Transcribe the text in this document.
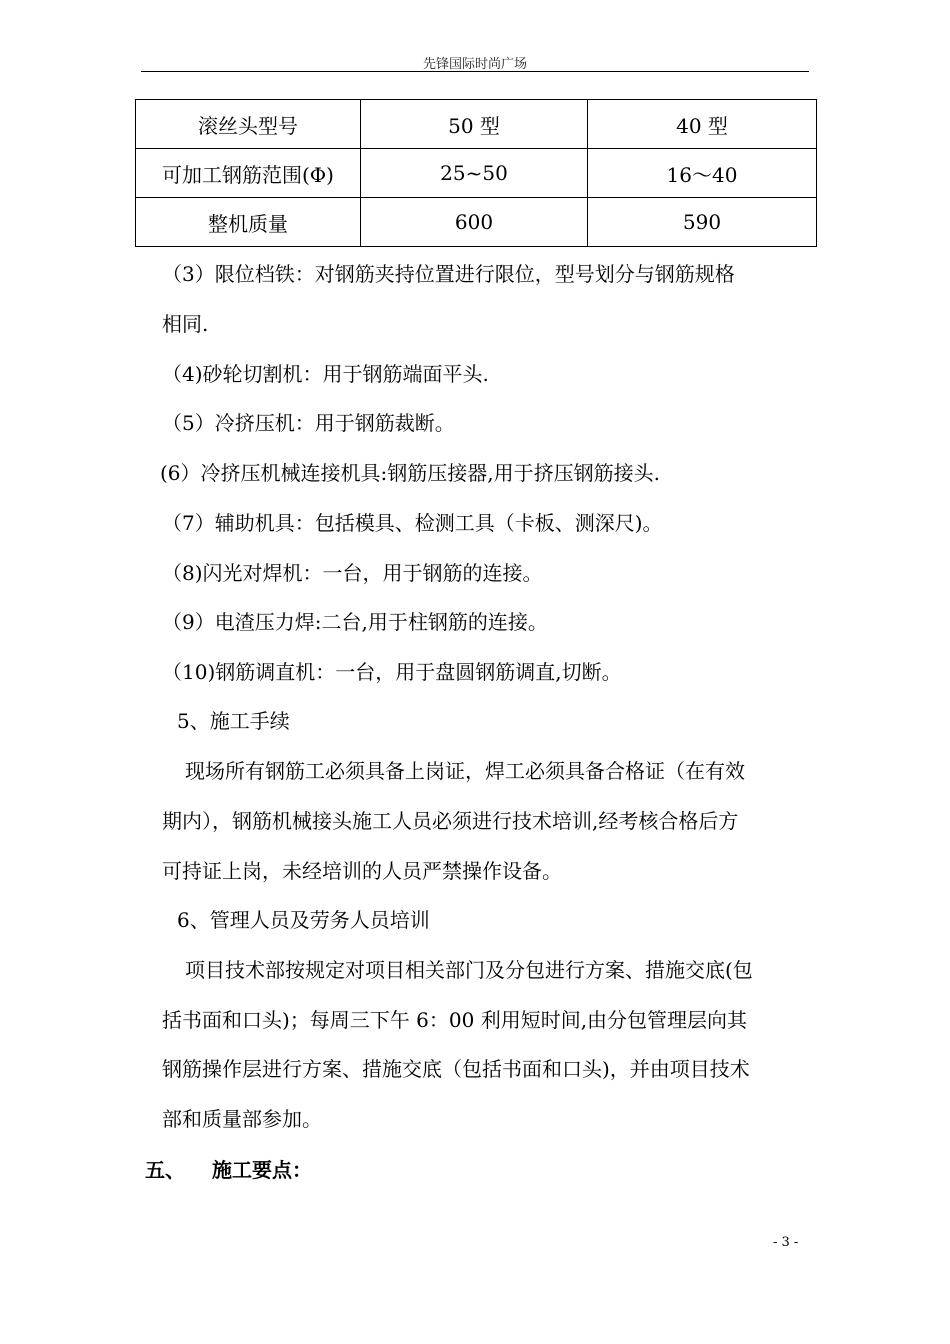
先锋国际时尚广场
滚丝头型号	50 型	40 型
可加工钢筋范围(Φ)	25~50	16～40
整机质量	600	590
（3）限位档铁：对钢筋夹持位置进行限位，型号划分与钢筋规格
相同.
（4)砂轮切割机：用于钢筋端面平头.
（5）冷挤压机：用于钢筋裁断。
(6）冷挤压机械连接机具:钢筋压接器,用于挤压钢筋接头.
（7）辅助机具：包括模具、检测工具（卡板、测深尺)。
（8)闪光对焊机：一台，用于钢筋的连接。
（9）电渣压力焊:二台,用于柱钢筋的连接。
（10)钢筋调直机：一台，用于盘圆钢筋调直,切断。
5、施工手续
现场所有钢筋工必须具备上岗证，焊工必须具备合格证（在有效
期内），钢筋机械接头施工人员必须进行技术培训,经考核合格后方
可持证上岗，未经培训的人员严禁操作设备。
6、管理人员及劳务人员培训
项目技术部按规定对项目相关部门及分包进行方案、措施交底(包
括书面和口头)；每周三下午 6：00 利用短时间,由分包管理层向其
钢筋操作层进行方案、措施交底（包括书面和口头)，并由项目技术
部和质量部参加。
五、 施工要点：
- 3 -
